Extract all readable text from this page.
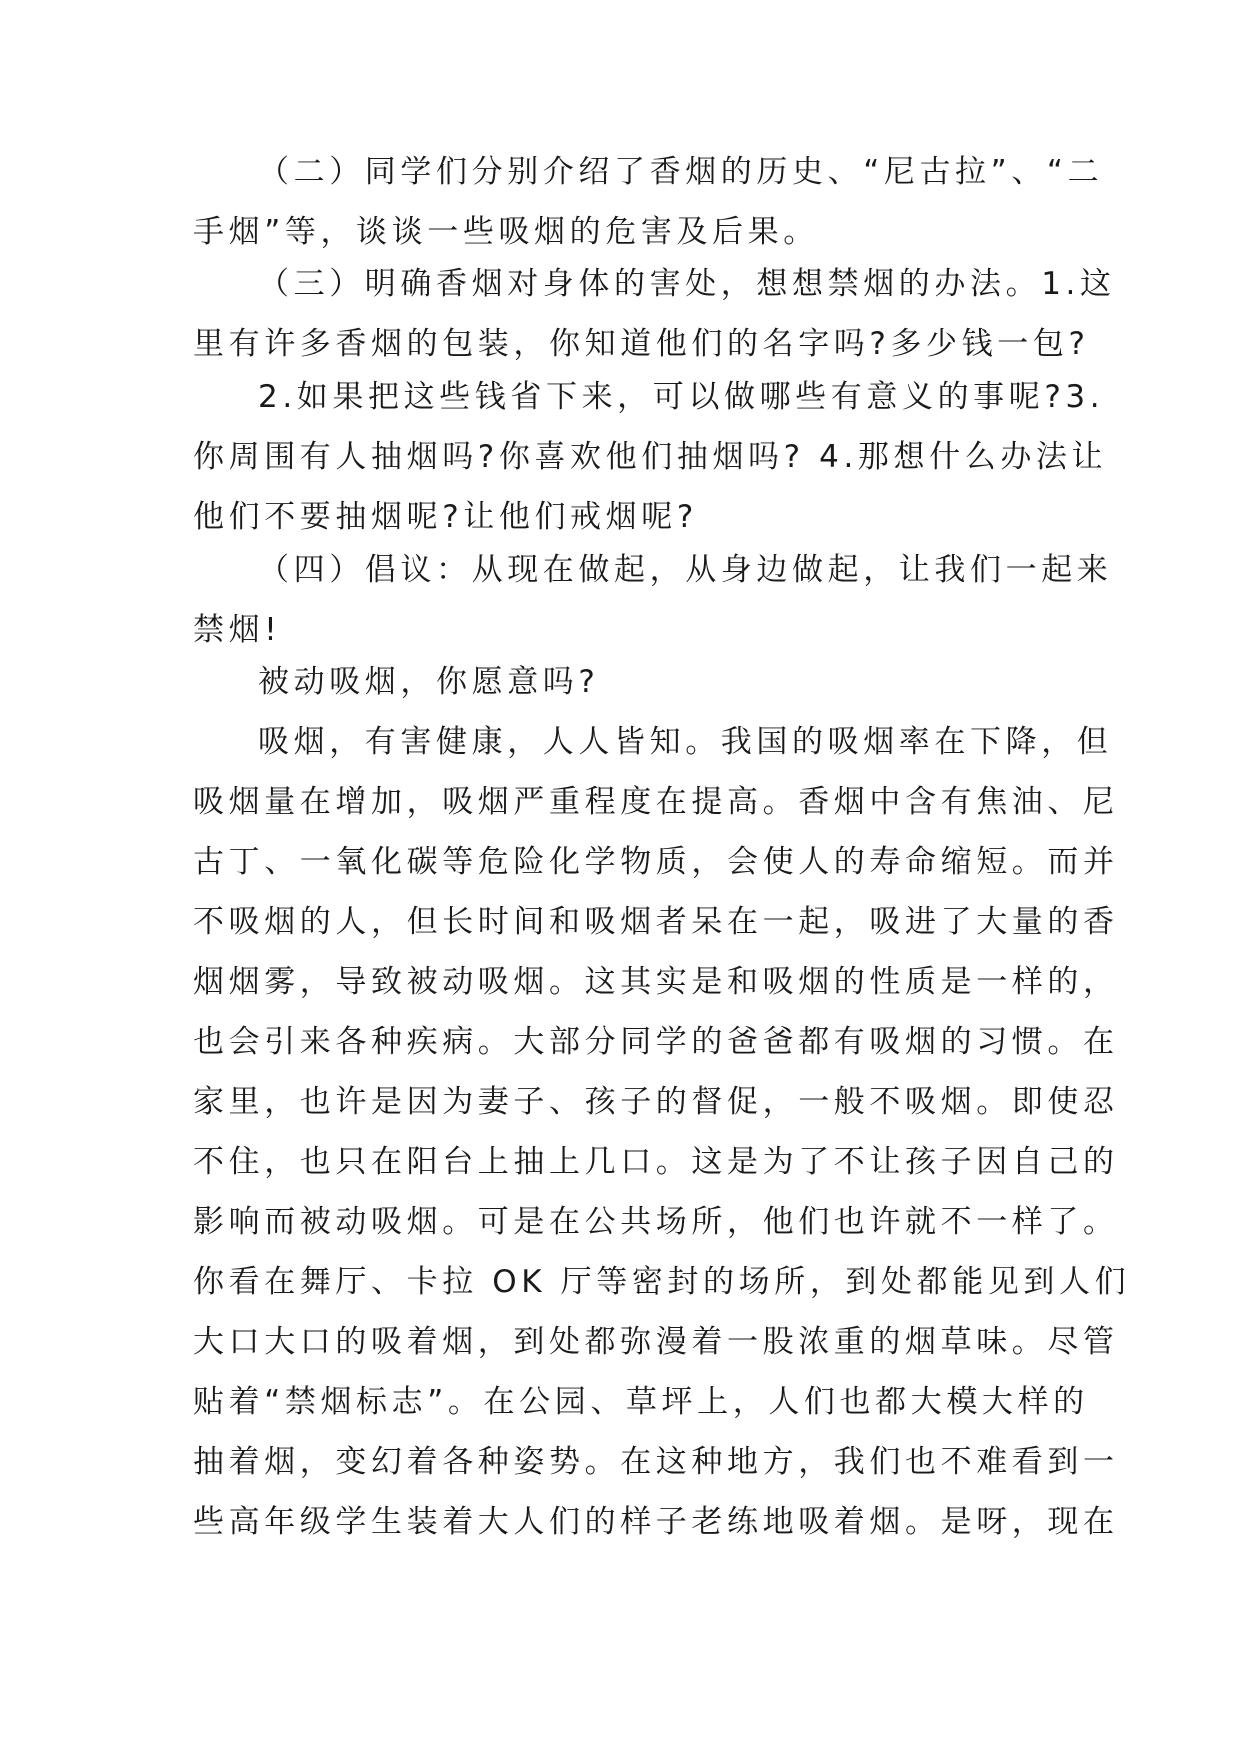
（二）同学们分别介绍了香烟的历史、“尼古拉”、“二
手烟”等，谈谈一些吸烟的危害及后果。
（三）明确香烟对身体的害处，想想禁烟的办法。1.这
里有许多香烟的包装，你知道他们的名字吗?多少钱一包?
2.如果把这些钱省下来，可以做哪些有意义的事呢?3.
你周围有人抽烟吗?你喜欢他们抽烟吗? 4.那想什么办法让
他们不要抽烟呢?让他们戒烟呢?
（四）倡议：从现在做起，从身边做起，让我们一起来
禁烟!
被动吸烟，你愿意吗?
吸烟，有害健康，人人皆知。我国的吸烟率在下降，但
吸烟量在增加，吸烟严重程度在提高。香烟中含有焦油、尼
古丁、一氧化碳等危险化学物质，会使人的寿命缩短。而并
不吸烟的人，但长时间和吸烟者呆在一起，吸进了大量的香
烟烟雾，导致被动吸烟。这其实是和吸烟的性质是一样的，
也会引来各种疾病。大部分同学的爸爸都有吸烟的习惯。在
家里，也许是因为妻子、孩子的督促，一般不吸烟。即使忍
不住，也只在阳台上抽上几口。这是为了不让孩子因自己的
影响而被动吸烟。可是在公共场所，他们也许就不一样了。
你看在舞厅、卡拉 OK 厅等密封的场所，到处都能见到人们
大口大口的吸着烟，到处都弥漫着一股浓重的烟草味。尽管
贴着“禁烟标志”。在公园、草坪上，人们也都大模大样的
抽着烟，变幻着各种姿势。在这种地方，我们也不难看到一
些高年级学生装着大人们的样子老练地吸着烟。是呀，现在
